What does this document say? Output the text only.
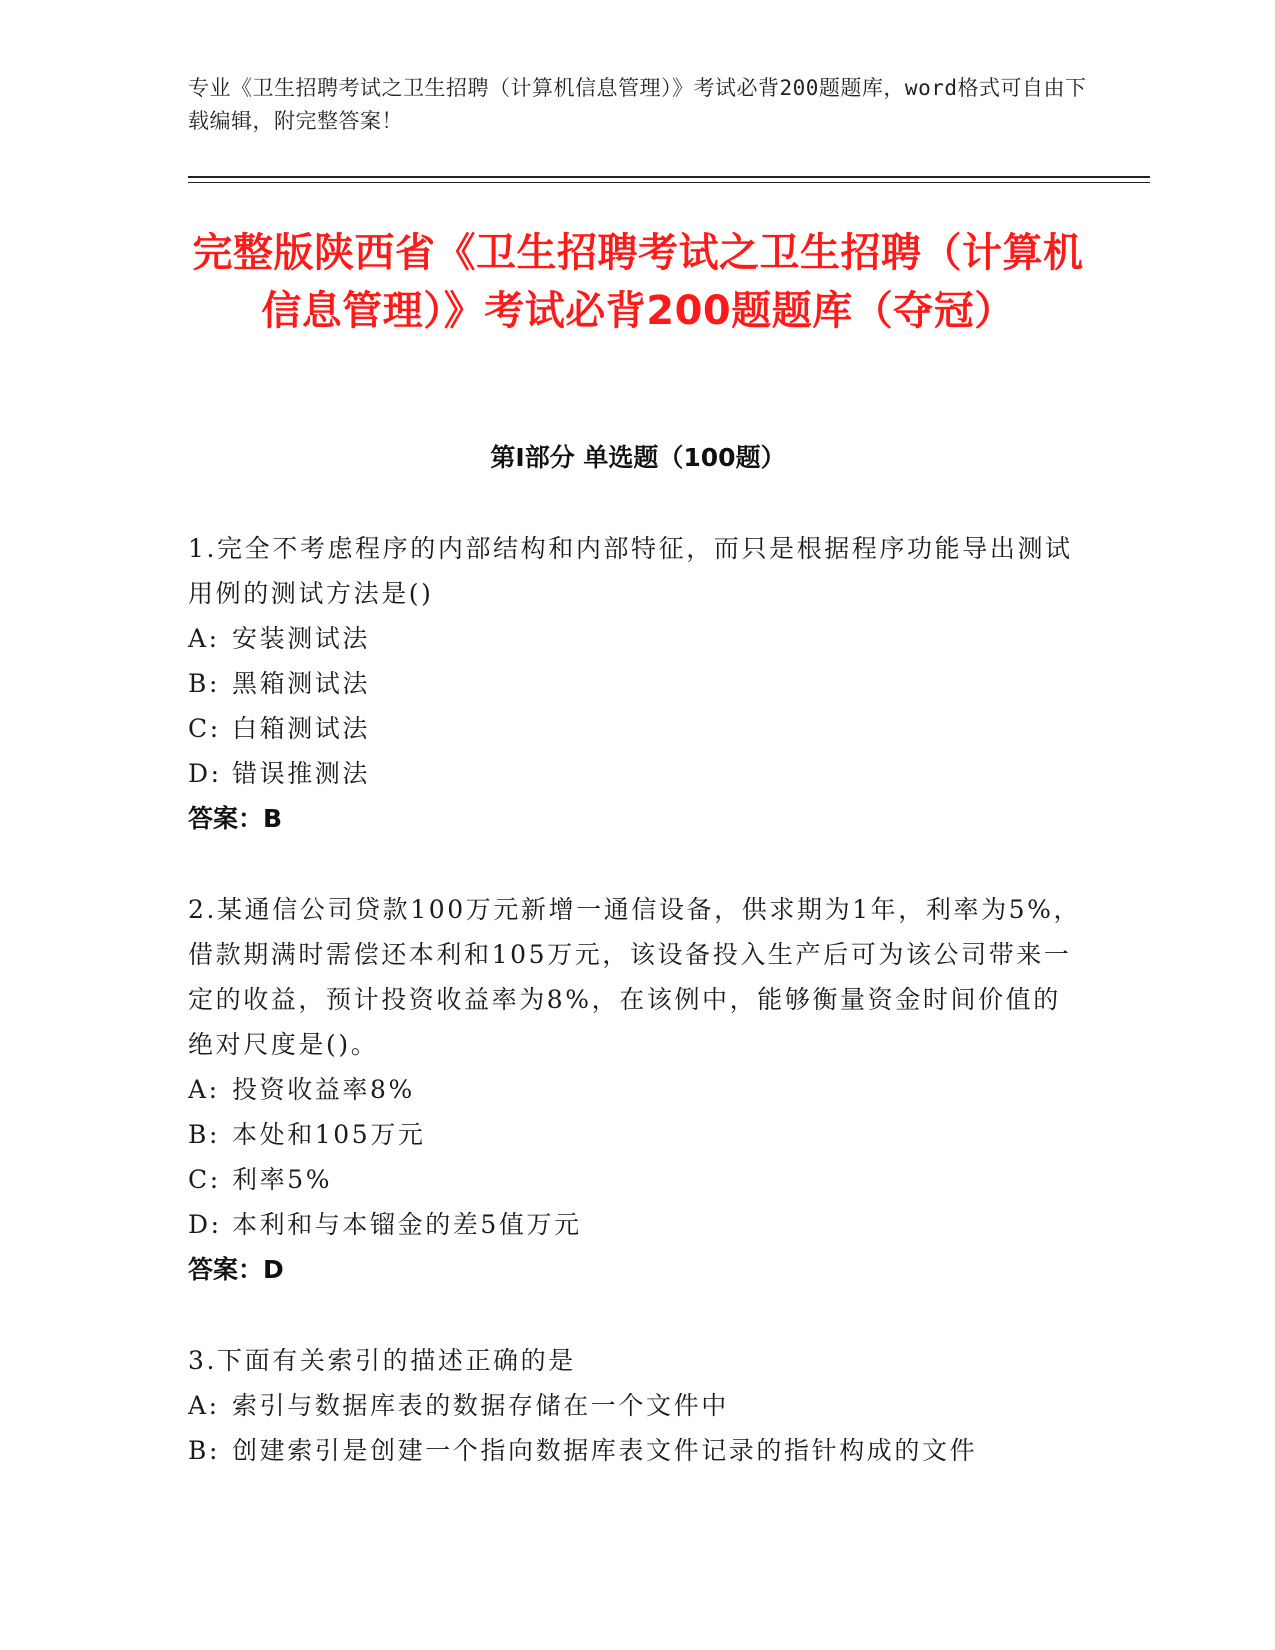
专业《卫生招聘考试之卫生招聘（计算机信息管理）》考试必背200题题库，word格式可自由下载编辑，附完整答案！
完整版陕西省《卫生招聘考试之卫生招聘（计算机信息管理）》考试必背200题题库（夺冠）
第Ⅰ部分 单选题（100题）
1.完全不考虑程序的内部结构和内部特征，而只是根据程序功能导出测试用例的测试方法是()
A: 安装测试法
B: 黑箱测试法
C: 白箱测试法
D: 错误推测法
答案：B
2.某通信公司贷款100万元新增一通信设备，供求期为1年，利率为5%，借款期满时需偿还本利和105万元，该设备投入生产后可为该公司带来一定的收益，预计投资收益率为8%，在该例中，能够衡量资金时间价值的绝对尺度是()。
A: 投资收益率8%
B: 本处和105万元
C: 利率5%
D: 本利和与本镏金的差5值万元
答案：D
3.下面有关索引的描述正确的是
A: 索引与数据库表的数据存储在一个文件中
B: 创建索引是创建一个指向数据库表文件记录的指针构成的文件
